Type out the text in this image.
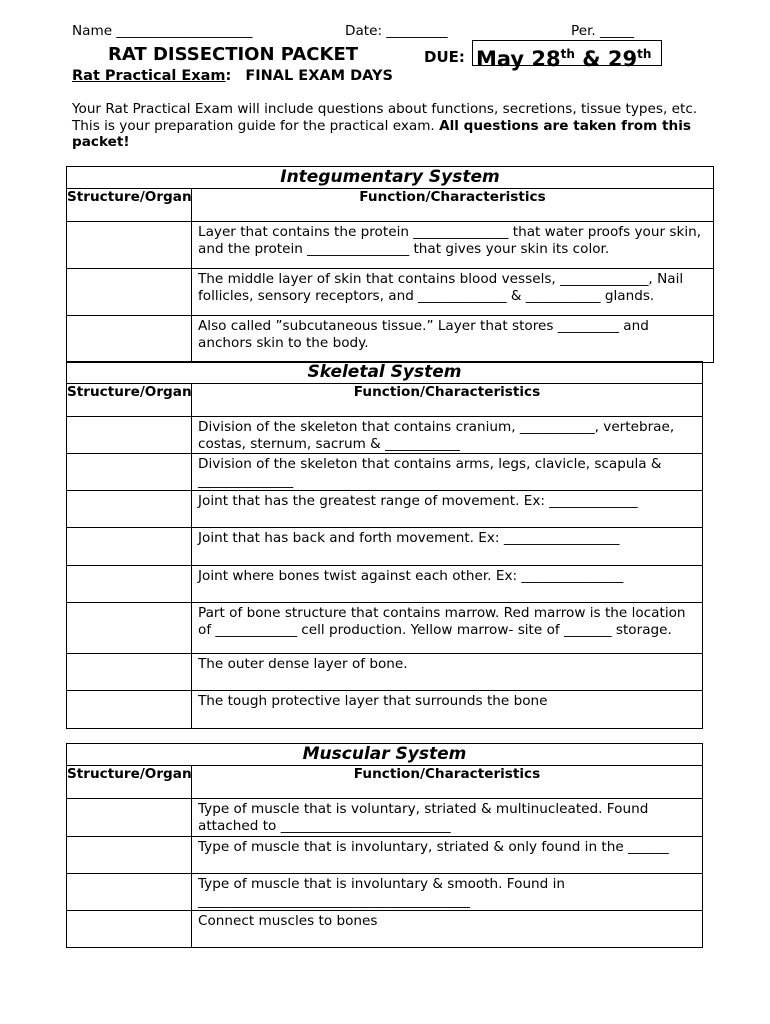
Name ____________________	Date: _________	Per. _____
RAT DISSECTION PACKET	DUE: May 28th & 29th
Rat Practical Exam: FINAL EXAM DAYS
Your Rat Practical Exam will include questions about functions, secretions, tissue types, etc. This is your preparation guide for the practical exam. All questions are taken from this packet!
Integumentary System	
Structure/Organ	Function/Characteristics
	Layer that contains the protein ______________ that water proofs your skin, and the protein _______________ that gives your skin its color.
	The middle layer of skin that contains blood vessels, _____________, Nail follicles, sensory receptors, and _____________ & ___________ glands.
	Also called ”subcutaneous tissue.” Layer that stores _________ and anchors skin to the body.
Skeletal System	
Structure/Organ	Function/Characteristics
	Division of the skeleton that contains cranium, ___________, vertebrae, costas, sternum, sacrum & ___________
	Division of the skeleton that contains arms, legs, clavicle, scapula & ______________
	Joint that has the greatest range of movement. Ex: _____________
	Joint that has back and forth movement. Ex: _________________
	Joint where bones twist against each other. Ex: _______________
	Part of bone structure that contains marrow. Red marrow is the location of ____________ cell production. Yellow marrow- site of _______ storage.
	The outer dense layer of bone.
	The tough protective layer that surrounds the bone
Muscular System	
Structure/Organ	Function/Characteristics
	Type of muscle that is voluntary, striated & multinucleated. Found attached to _________________________
	Type of muscle that is involuntary, striated & only found in the ______
	Type of muscle that is involuntary & smooth. Found in ________________________________________
	Connect muscles to bones
